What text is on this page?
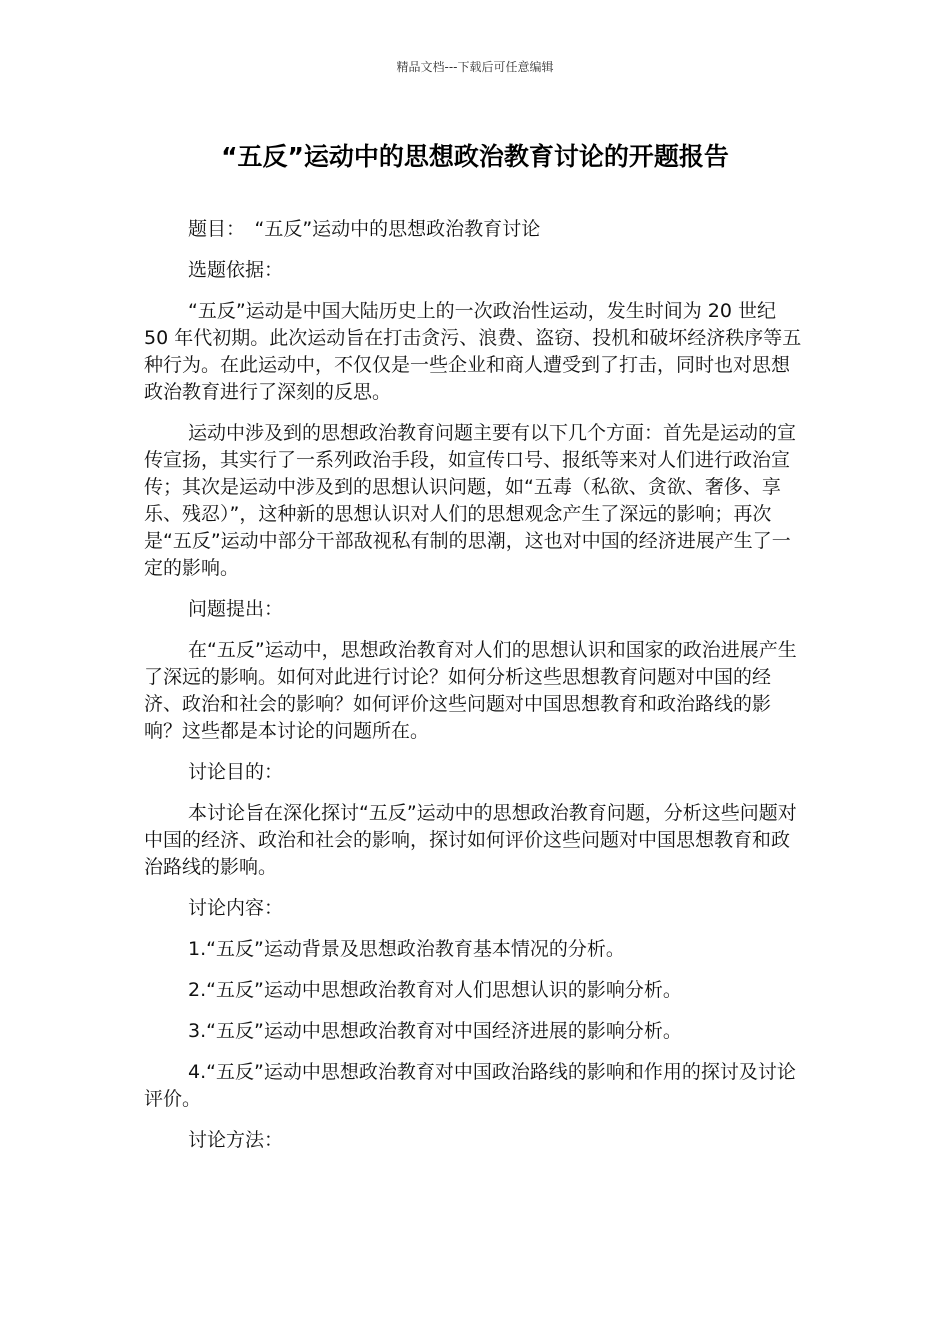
精品文档---下载后可任意编辑
“五反”运动中的思想政治教育讨论的开题报告

题目：　“五反”运动中的思想政治教育讨论

选题依据：

“五反”运动是中国大陆历史上的一次政治性运动，发生时间为 20 世纪 50 年代初期。此次运动旨在打击贪污、浪费、盗窃、投机和破坏经济秩序等五种行为。在此运动中，不仅仅是一些企业和商人遭受到了打击，同时也对思想政治教育进行了深刻的反思。

运动中涉及到的思想政治教育问题主要有以下几个方面：首先是运动的宣传宣扬，其实行了一系列政治手段，如宣传口号、报纸等来对人们进行政治宣传；其次是运动中涉及到的思想认识问题，如“五毒（私欲、贪欲、奢侈、享乐、残忍）”，这种新的思想认识对人们的思想观念产生了深远的影响；再次是“五反”运动中部分干部敌视私有制的思潮，这也对中国的经济进展产生了一定的影响。

问题提出：

在“五反”运动中，思想政治教育对人们的思想认识和国家的政治进展产生了深远的影响。如何对此进行讨论？如何分析这些思想教育问题对中国的经济、政治和社会的影响？如何评价这些问题对中国思想教育和政治路线的影响？这些都是本讨论的问题所在。

讨论目的：

本讨论旨在深化探讨“五反”运动中的思想政治教育问题，分析这些问题对中国的经济、政治和社会的影响，探讨如何评价这些问题对中国思想教育和政治路线的影响。

讨论内容：

1.“五反”运动背景及思想政治教育基本情况的分析。

2.“五反”运动中思想政治教育对人们思想认识的影响分析。

3.“五反”运动中思想政治教育对中国经济进展的影响分析。

4.“五反”运动中思想政治教育对中国政治路线的影响和作用的探讨及讨论评价。

讨论方法：
